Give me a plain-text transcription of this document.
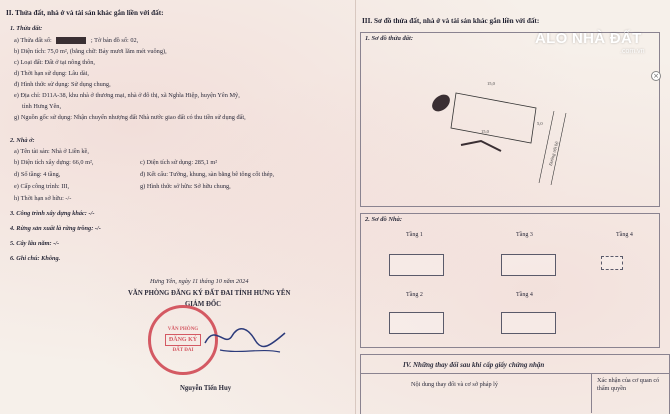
II. Thửa đất, nhà ở và tài sản khác gắn liền với đất:
1. Thửa đất:
a) Thửa đất số:	; Tờ bản đồ số: 02,
b) Diện tích: 75,0 m², (bằng chữ: Bảy mươi lăm mét vuông),
c) Loại đất: Đất ở tại nông thôn,
d) Thời hạn sử dụng: Lâu dài,
đ) Hình thức sử dụng: Sử dụng chung,
e) Địa chỉ: D11A-38, khu nhà ở thương mại, nhà ở đô thị, xã Nghĩa Hiệp, huyện Yên Mỹ,
tỉnh Hưng Yên,
g) Nguồn gốc sử dụng: Nhận chuyển nhượng đất Nhà nước giao đất có thu tiền sử dụng đất,
2. Nhà ở:
a) Tên tài sản: Nhà ở Liền kề,
b) Diện tích xây dựng: 66,0 m²,	c) Diện tích sử dụng: 285,1 m²
d) Số tầng: 4 tầng,	đ) Kết cấu: Tường, khung, sàn bằng bê tông cốt thép,
e) Cấp công trình: III,	g) Hình thức sở hữu: Sở hữu chung,
h) Thời hạn sở hữu: -/-
3. Công trình xây dựng khác: -/-
4. Rừng sản xuất là rừng trồng: -/-
5. Cây lâu năm: -/-
6. Ghi chú: Không.
Hưng Yên, ngày 11 tháng 10 năm 2024
VĂN PHÒNG ĐĂNG KÝ ĐẤT ĐAI TỈNH HƯNG YÊN
GIÁM ĐỐC
VĂN PHÒNG
ĐĂNG KÝ
ĐẤT ĐAI
Nguyễn Tiến Huy
III. Sơ đồ thửa đất, nhà ở và tài sản khác gắn liền với đất:
1. Sơ đồ thửa đất:
15,0
15,0
5,0
Đường nội bộ
2. Sơ đồ Nhà:
Tầng 1	Tầng 3	Tầng 4
Tầng 2	Tầng 4
IV. Những thay đổi sau khi cấp giấy chứng nhận
Nội dung thay đổi và cơ sở pháp lý
Xác nhận của cơ quan có thẩm quyền
ALO NHÀ ĐẤT
.com.vn
×
